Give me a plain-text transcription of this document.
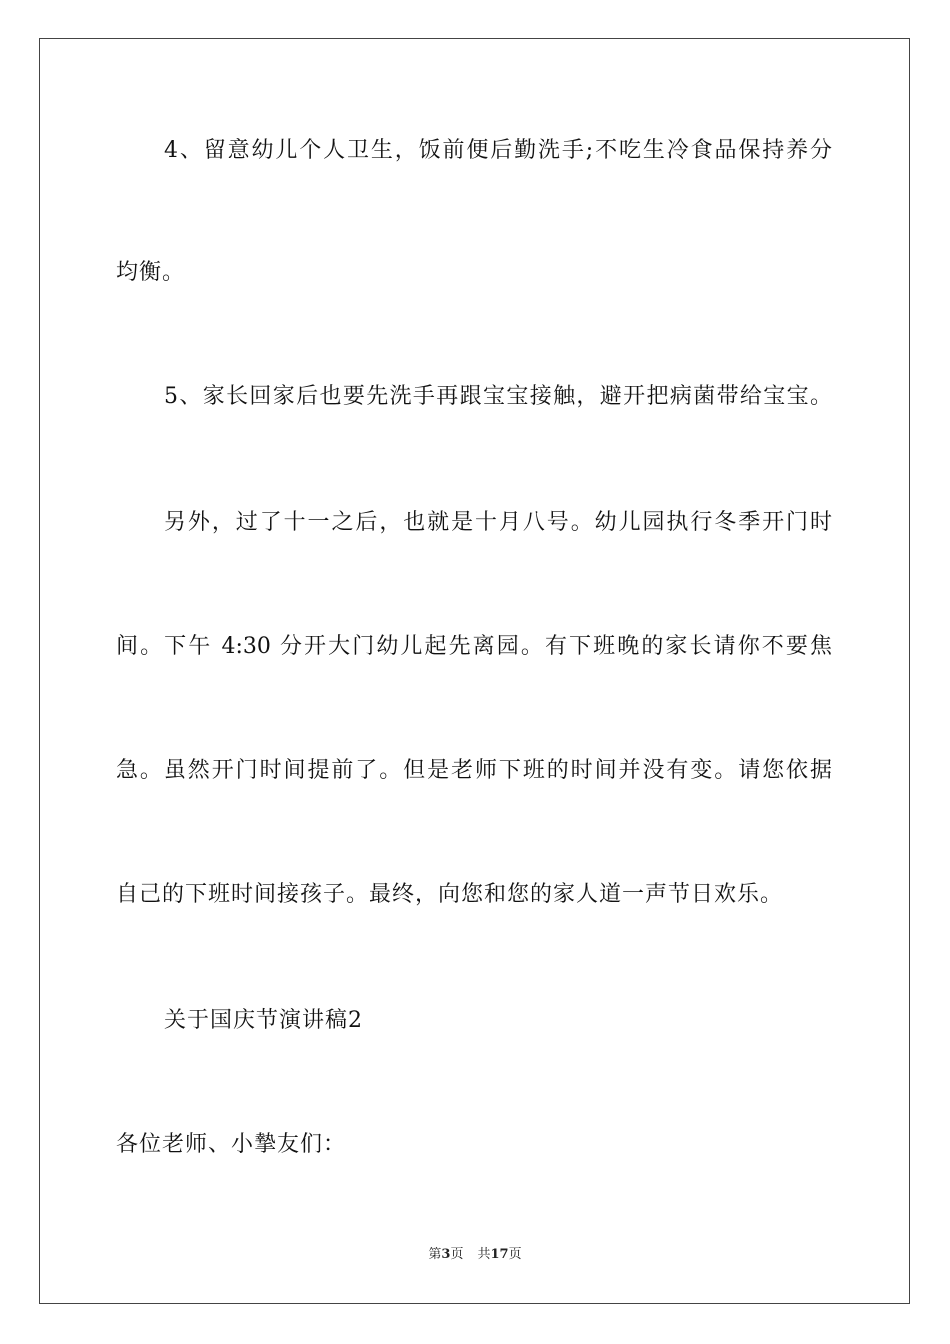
4、留意幼儿个人卫生，饭前便后勤洗手;不吃生冷食品保持养分
均衡。
5、家长回家后也要先洗手再跟宝宝接触，避开把病菌带给宝宝。
另外，过了十一之后，也就是十月八号。幼儿园执行冬季开门时
间。下午 4:30 分开大门幼儿起先离园。有下班晚的家长请你不要焦
急。虽然开门时间提前了。但是老师下班的时间并没有变。请您依据
自己的下班时间接孩子。最终，向您和您的家人道一声节日欢乐。
关于国庆节演讲稿2
各位老师、小摯友们：
第3页 共17页
